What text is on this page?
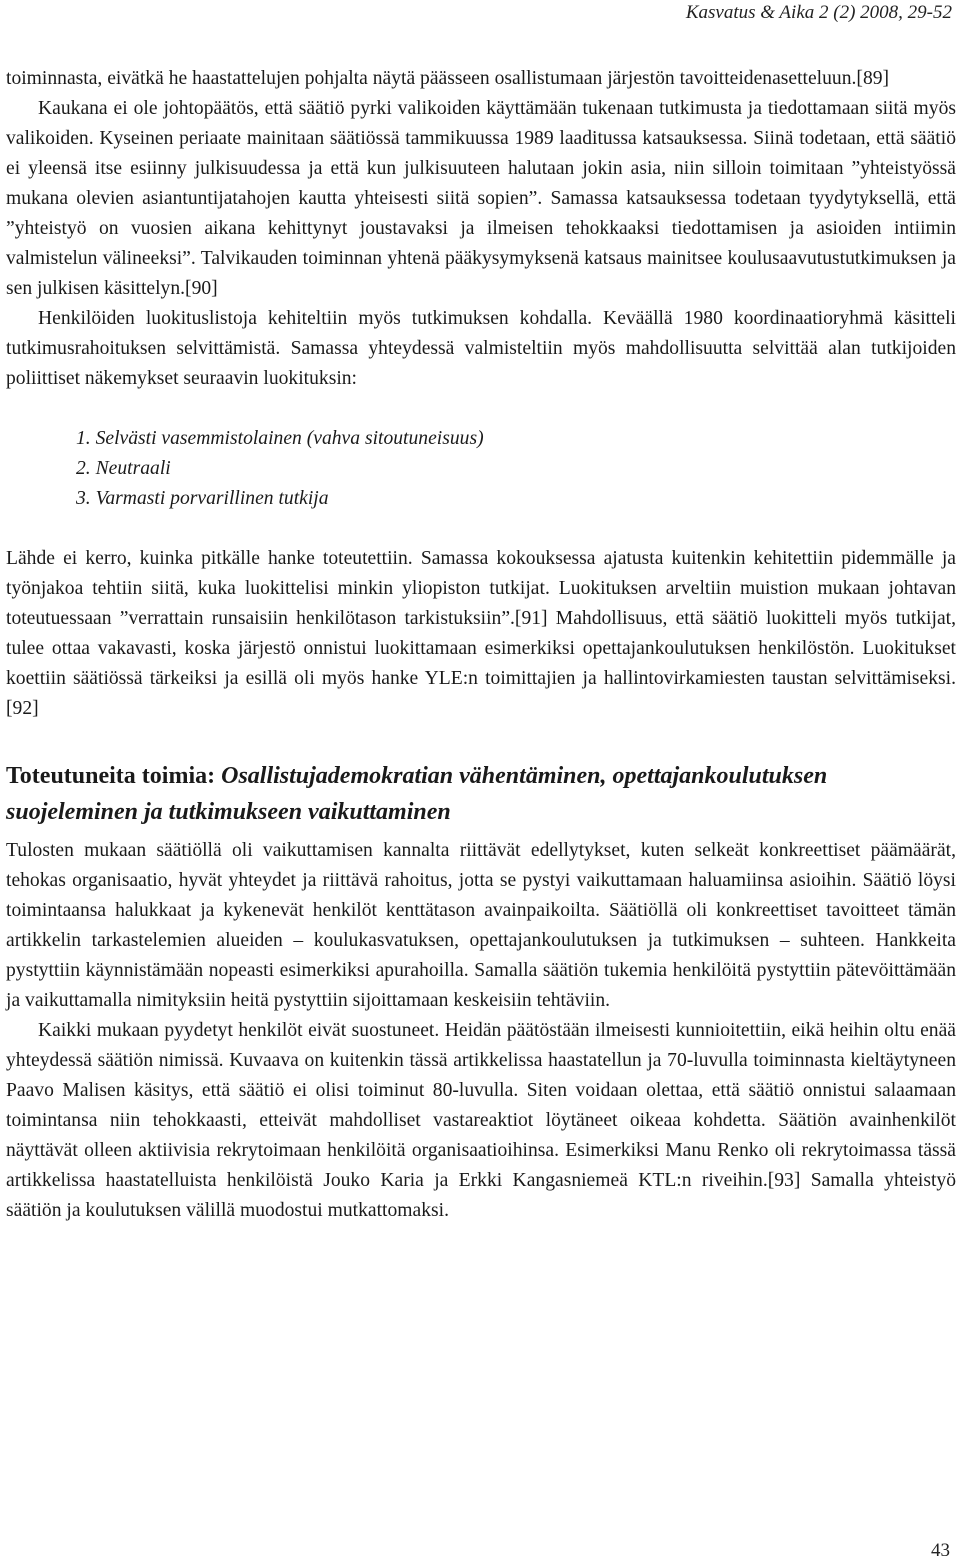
Kasvatus & Aika 2 (2) 2008, 29-52

toiminnasta, eivätkä he haastattelujen pohjalta näytä päässeen osallistumaan järjestön tavoitteidenasetteluun.[89]

Kaukana ei ole johtopäätös, että säätiö pyrki valikoiden käyttämään tukenaan tutkimusta ja tiedottamaan siitä myös valikoiden. Kyseinen periaate mainitaan säätiössä tammikuussa 1989 laaditussa katsauksessa. Siinä todetaan, että säätiö ei yleensä itse esiinny julkisuudessa ja että kun julkisuuteen halutaan jokin asia, niin silloin toimitaan ”yhteistyössä mukana olevien asiantuntijatahojen kautta yhteisesti siitä sopien”. Samassa katsauksessa todetaan tyydytyksellä, että ”yhteistyö on vuosien aikana kehittynyt joustavaksi ja ilmeisen tehokkaaksi tiedottamisen ja asioiden intiimin valmistelun välineeksi”. Talvikauden toiminnan yhtenä pääkysymyksenä katsaus mainitsee koulusaavutustutkimuksen ja sen julkisen käsittelyn.[90]

Henkilöiden luokituslistoja kehiteltiin myös tutkimuksen kohdalla. Keväällä 1980 koordinaatioryhmä käsitteli tutkimusrahoituksen selvittämistä. Samassa yhteydessä valmisteltiin myös mahdollisuutta selvittää alan tutkijoiden poliittiset näkemykset seuraavin luokituksin:

1. Selvästi vasemmistolainen (vahva sitoutuneisuus)
2. Neutraali
3. Varmasti porvarillinen tutkija

Lähde ei kerro, kuinka pitkälle hanke toteutettiin. Samassa kokouksessa ajatusta kuitenkin kehitettiin pidemmälle ja työnjakoa tehtiin siitä, kuka luokittelisi minkin yliopiston tutkijat. Luokituksen arveltiin muistion mukaan johtavan toteutuessaan ”verrattain runsaisiin henkilötason tarkistuksiin”.[91] Mahdollisuus, että säätiö luokitteli myös tutkijat, tulee ottaa vakavasti, koska järjestö onnistui luokittamaan esimerkiksi opettajankoulutuksen henkilöstön. Luokitukset koettiin säätiössä tärkeiksi ja esillä oli myös hanke YLE:n toimittajien ja hallintovirkamiesten taustan selvittämiseksi.[92]

Toteutuneita toimia: Osallistujademokratian vähentäminen, opettajankoulutuksen suojeleminen ja tutkimukseen vaikuttaminen

Tulosten mukaan säätiöllä oli vaikuttamisen kannalta riittävät edellytykset, kuten selkeät konkreettiset päämäärät, tehokas organisaatio, hyvät yhteydet ja riittävä rahoitus, jotta se pystyi vaikuttamaan haluamiinsa asioihin. Säätiö löysi toimintaansa halukkaat ja kykenevät henkilöt kenttätason avainpaikoilta. Säätiöllä oli konkreettiset tavoitteet tämän artikkelin tarkastelemien alueiden – koulukasvatuksen, opettajankoulutuksen ja tutkimuksen – suhteen. Hankkeita pystyttiin käynnistämään nopeasti esimerkiksi apurahoilla. Samalla säätiön tukemia henkilöitä pystyttiin pätevöittämään ja vaikuttamalla nimityksiin heitä pystyttiin sijoittamaan keskeisiin tehtäviin.

Kaikki mukaan pyydetyt henkilöt eivät suostuneet. Heidän päätöstään ilmeisesti kunnioitettiin, eikä heihin oltu enää yhteydessä säätiön nimissä. Kuvaava on kuitenkin tässä artikkelissa haastatellun ja 70-luvulla toiminnasta kieltäytyneen Paavo Malisen käsitys, että säätiö ei olisi toiminut 80-luvulla. Siten voidaan olettaa, että säätiö onnistui salaamaan toimintansa niin tehokkaasti, etteivät mahdolliset vastareaktiot löytäneet oikeaa kohdetta. Säätiön avainhenkilöt näyttävät olleen aktiivisia rekrytoimaan henkilöitä organisaatioihinsa. Esimerkiksi Manu Renko oli rekrytoimassa tässä artikkelissa haastatelluista henkilöistä Jouko Karia ja Erkki Kangasniemeä KTL:n riveihin.[93] Samalla yhteistyö säätiön ja koulutuksen välillä muodostui mutkattomaksi.

43
